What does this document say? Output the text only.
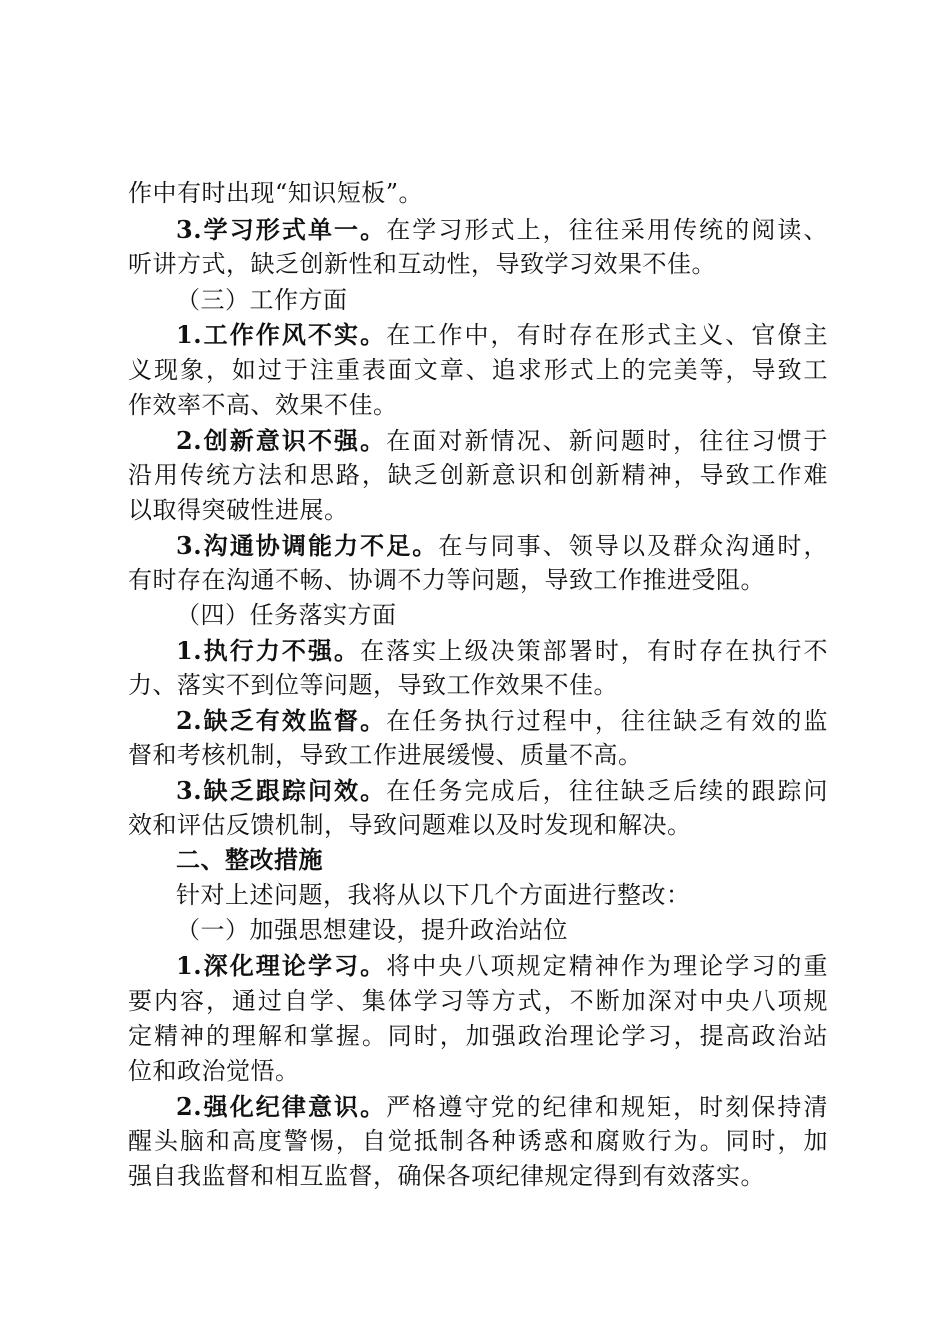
作中有时出现“知识短板”。
3.学习形式单一。在学习形式上，往往采用传统的阅读、
听讲方式，缺乏创新性和互动性，导致学习效果不佳。
（三）工作方面
1.工作作风不实。在工作中，有时存在形式主义、官僚主
义现象，如过于注重表面文章、追求形式上的完美等，导致工
作效率不高、效果不佳。
2.创新意识不强。在面对新情况、新问题时，往往习惯于
沿用传统方法和思路，缺乏创新意识和创新精神，导致工作难
以取得突破性进展。
3.沟通协调能力不足。在与同事、领导以及群众沟通时，
有时存在沟通不畅、协调不力等问题，导致工作推进受阻。
（四）任务落实方面
1.执行力不强。在落实上级决策部署时，有时存在执行不
力、落实不到位等问题，导致工作效果不佳。
2.缺乏有效监督。在任务执行过程中，往往缺乏有效的监
督和考核机制，导致工作进展缓慢、质量不高。
3.缺乏跟踪问效。在任务完成后，往往缺乏后续的跟踪问
效和评估反馈机制，导致问题难以及时发现和解决。
二、整改措施
针对上述问题，我将从以下几个方面进行整改：
（一）加强思想建设，提升政治站位
1.深化理论学习。将中央八项规定精神作为理论学习的重
要内容，通过自学、集体学习等方式，不断加深对中央八项规
定精神的理解和掌握。同时，加强政治理论学习，提高政治站
位和政治觉悟。
2.强化纪律意识。严格遵守党的纪律和规矩，时刻保持清
醒头脑和高度警惕，自觉抵制各种诱惑和腐败行为。同时，加
强自我监督和相互监督，确保各项纪律规定得到有效落实。
